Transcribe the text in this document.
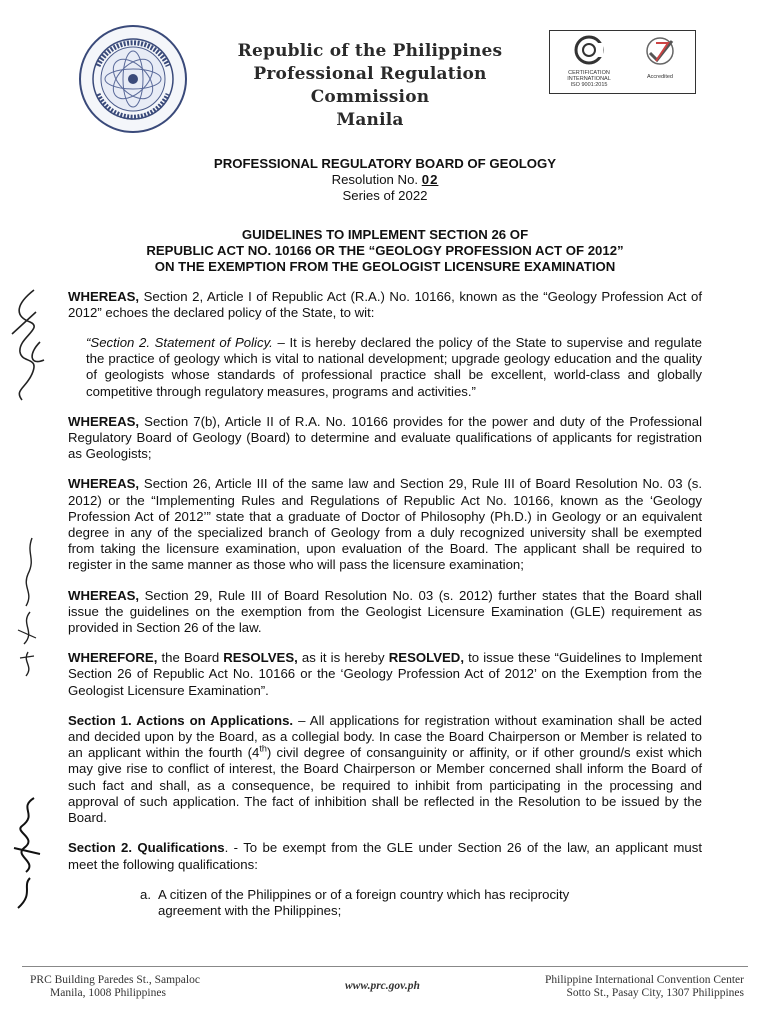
Republic of the Philippines
Professional Regulation Commission
Manila
CERTIFICATION
INTERNATIONAL
ISO 9001:2015
Accredited
PROFESSIONAL REGULATORY BOARD OF GEOLOGY
Resolution No. 02
Series of 2022
GUIDELINES TO IMPLEMENT SECTION 26 OF
REPUBLIC ACT NO. 10166 OR THE “GEOLOGY PROFESSION ACT OF 2012”
ON THE EXEMPTION FROM THE GEOLOGIST LICENSURE EXAMINATION

WHEREAS, Section 2, Article I of Republic Act (R.A.) No. 10166, known as the “Geology Profession Act of 2012” echoes the declared policy of the State, to wit:

“Section 2. Statement of Policy. – It is hereby declared the policy of the State to supervise and regulate the practice of geology which is vital to national development; upgrade geology education and the quality of geologists whose standards of professional practice shall be excellent, world-class and globally competitive through regulatory measures, programs and activities.”

WHEREAS, Section 7(b), Article II of R.A. No. 10166 provides for the power and duty of the Professional Regulatory Board of Geology (Board) to determine and evaluate qualifications of applicants for registration as Geologists;

WHEREAS, Section 26, Article III of the same law and Section 29, Rule III of Board Resolution No. 03 (s. 2012) or the “Implementing Rules and Regulations of Republic Act No. 10166, known as the ‘Geology Profession Act of 2012’” state that a graduate of Doctor of Philosophy (Ph.D.) in Geology or an equivalent degree in any of the specialized branch of Geology from a duly recognized university shall be exempted from taking the licensure examination, upon evaluation of the Board. The applicant shall be required to register in the same manner as those who will pass the licensure examination;

WHEREAS, Section 29, Rule III of Board Resolution No. 03 (s. 2012) further states that the Board shall issue the guidelines on the exemption from the Geologist Licensure Examination (GLE) requirement as provided in Section 26 of the law.

WHEREFORE, the Board RESOLVES, as it is hereby RESOLVED, to issue these “Guidelines to Implement Section 26 of Republic Act No. 10166 or the ‘Geology Profession Act of 2012’ on the Exemption from the Geologist Licensure Examination”.

Section 1. Actions on Applications. – All applications for registration without examination shall be acted and decided upon by the Board, as a collegial body. In case the Board Chairperson or Member is related to an applicant within the fourth (4th) civil degree of consanguinity or affinity, or if other ground/s exist which may give rise to conflict of interest, the Board Chairperson or Member concerned shall inform the Board of such fact and shall, as a consequence, be required to inhibit from participating in the processing and approval of such application. The fact of inhibition shall be reflected in the Resolution to be issued by the Board.

Section 2. Qualifications. - To be exempt from the GLE under Section 26 of the law, an applicant must meet the following qualifications:

a. A citizen of the Philippines or of a foreign country which has reciprocity agreement with the Philippines;
PRC Building Paredes St., Sampaloc
Manila, 1008 Philippines
www.prc.gov.ph	Philippine International Convention Center
Sotto St., Pasay City, 1307 Philippines
